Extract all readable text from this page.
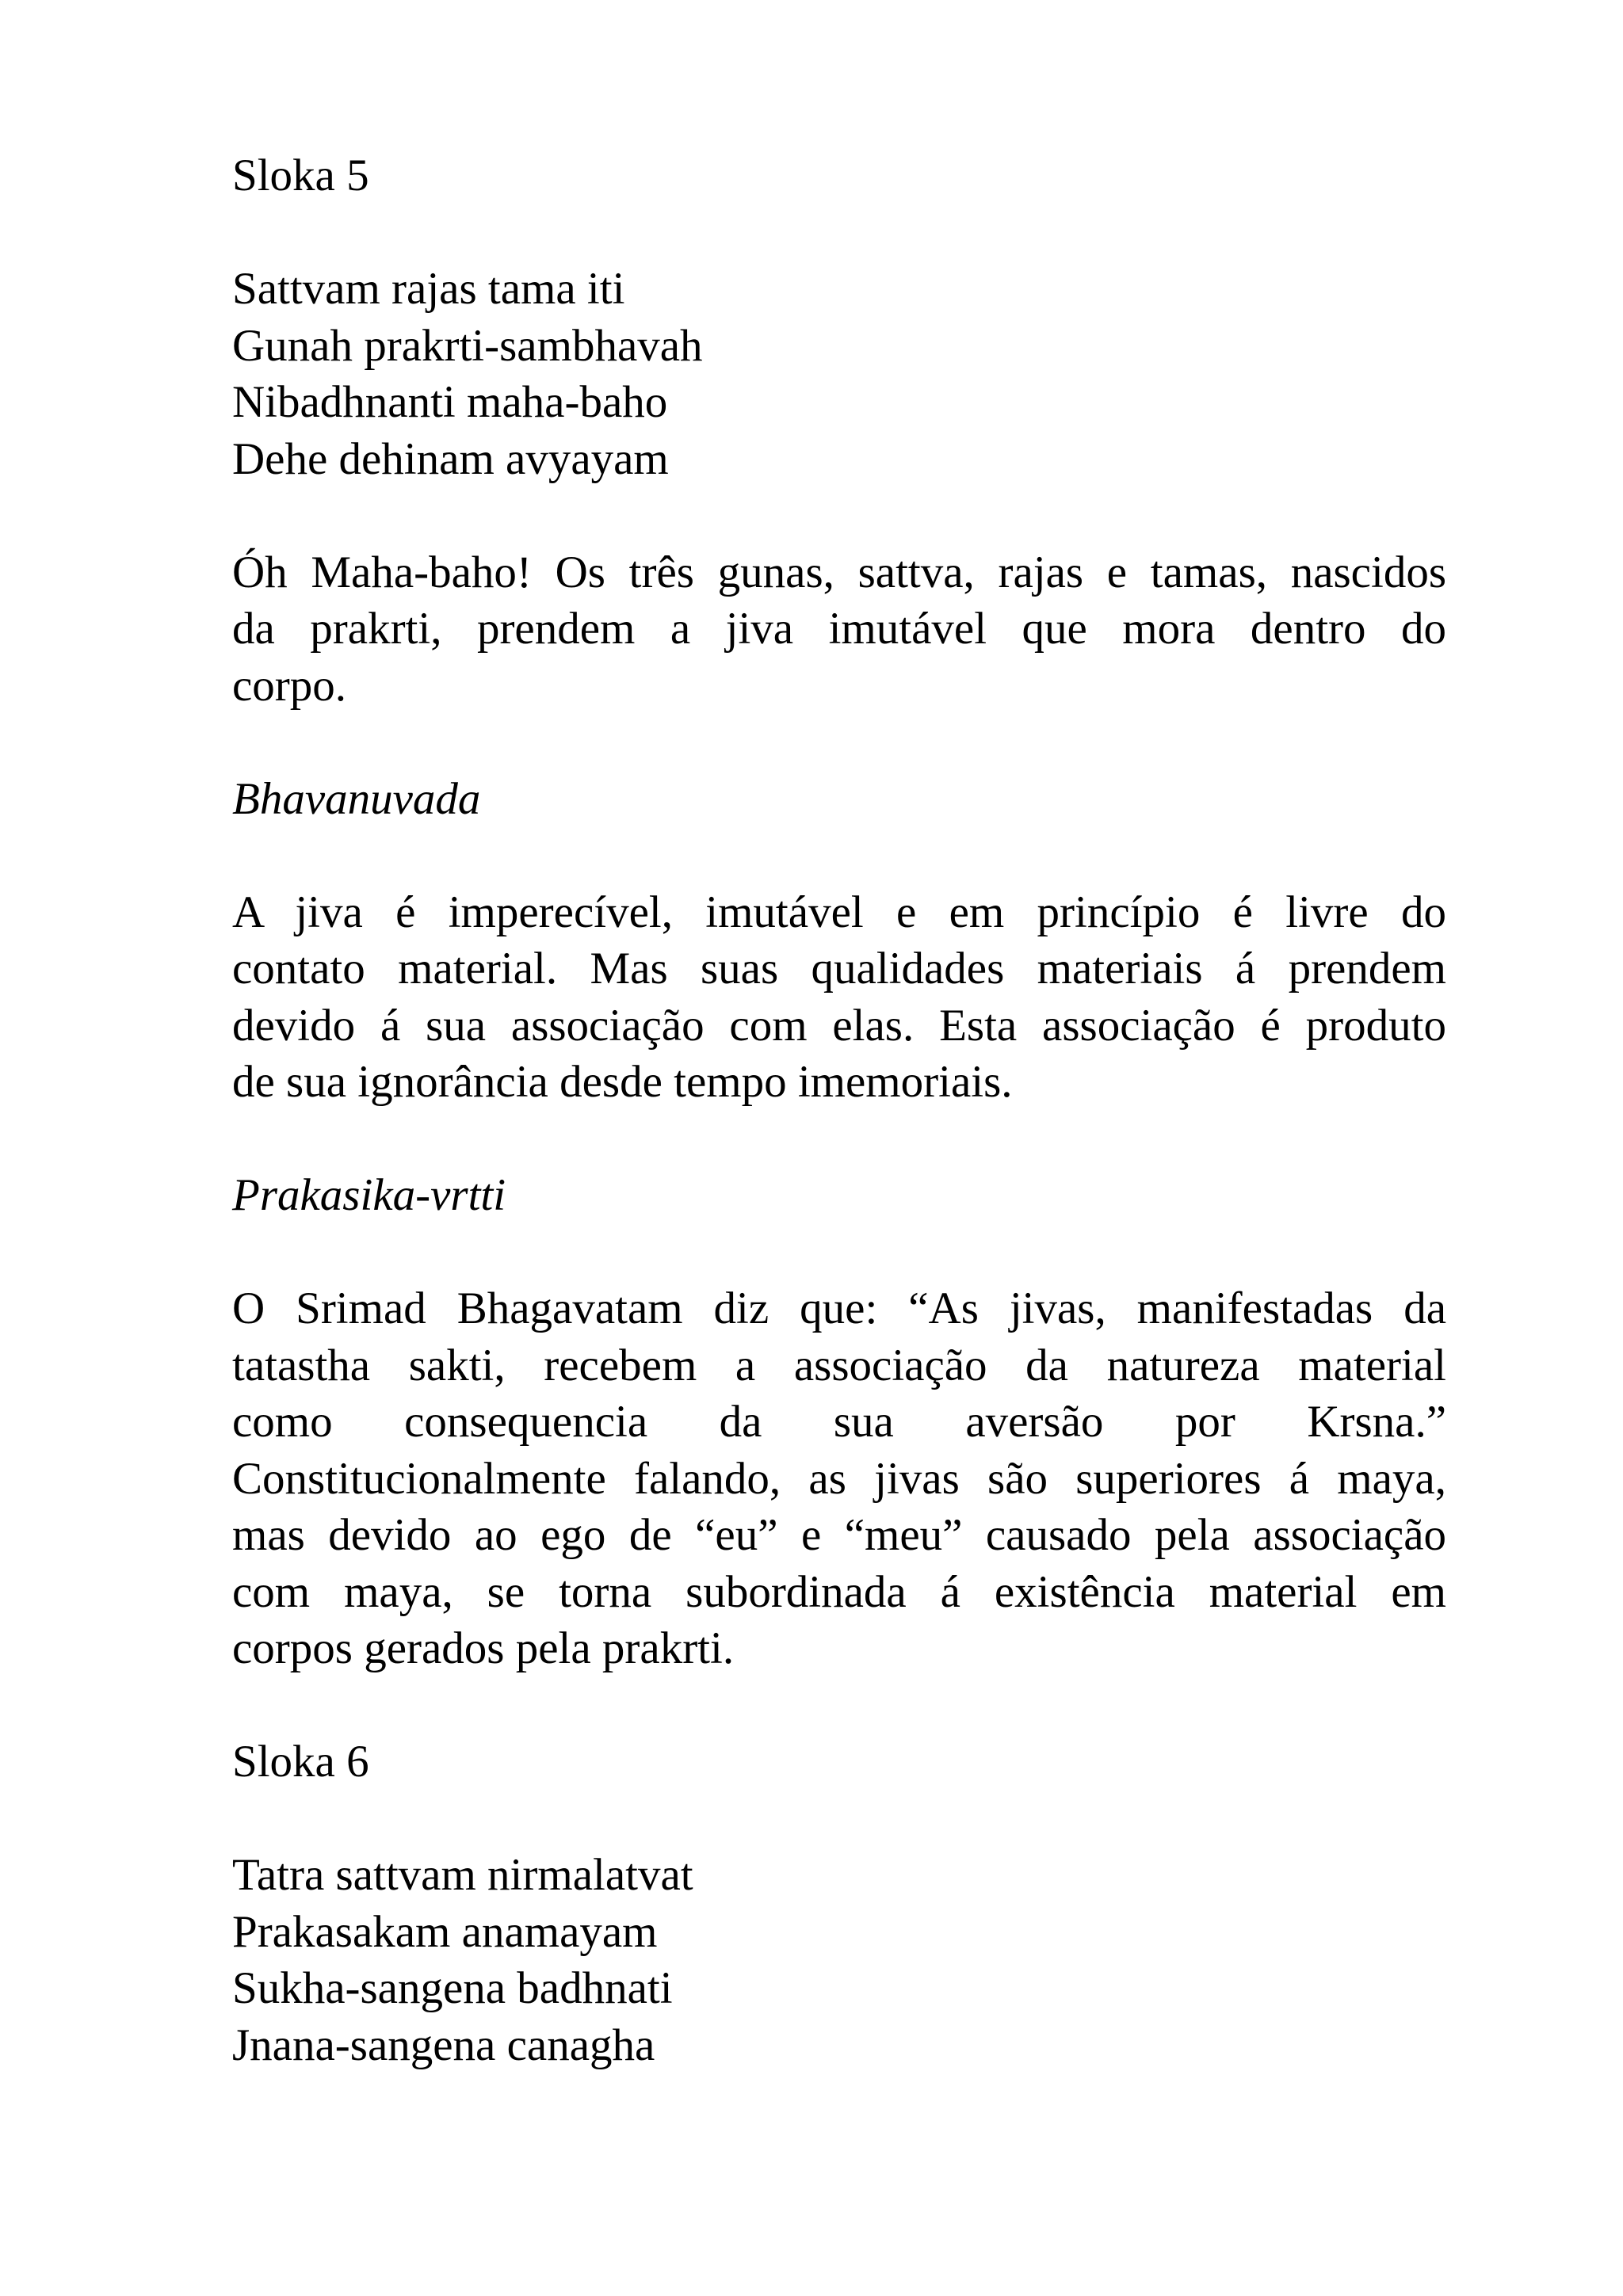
Sloka 5

Sattvam rajas tama iti
Gunah prakrti-sambhavah
Nibadhnanti maha-baho
Dehe dehinam avyayam
Óh Maha-baho! Os três gunas, sattva, rajas e tamas, nascidos
da prakrti, prendem a jiva imutável que mora dentro do
corpo.

Bhavanuvada

A jiva é imperecível, imutável e em princípio é livre do
contato material. Mas suas qualidades materiais á prendem
devido á sua associação com elas. Esta associação é produto
de sua ignorância desde tempo imemoriais.

Prakasika-vrtti

O Srimad Bhagavatam diz que: “As jivas, manifestadas da
tatastha sakti, recebem a associação da natureza material
como consequencia da sua aversão por Krsna.”
Constitucionalmente falando, as jivas são superiores á maya,
mas devido ao ego de “eu” e “meu” causado pela associação
com maya, se torna subordinada á existência material em
corpos gerados pela prakrti.

Sloka 6

Tatra sattvam nirmalatvat
Prakasakam anamayam
Sukha-sangena badhnati
Jnana-sangena canagha
